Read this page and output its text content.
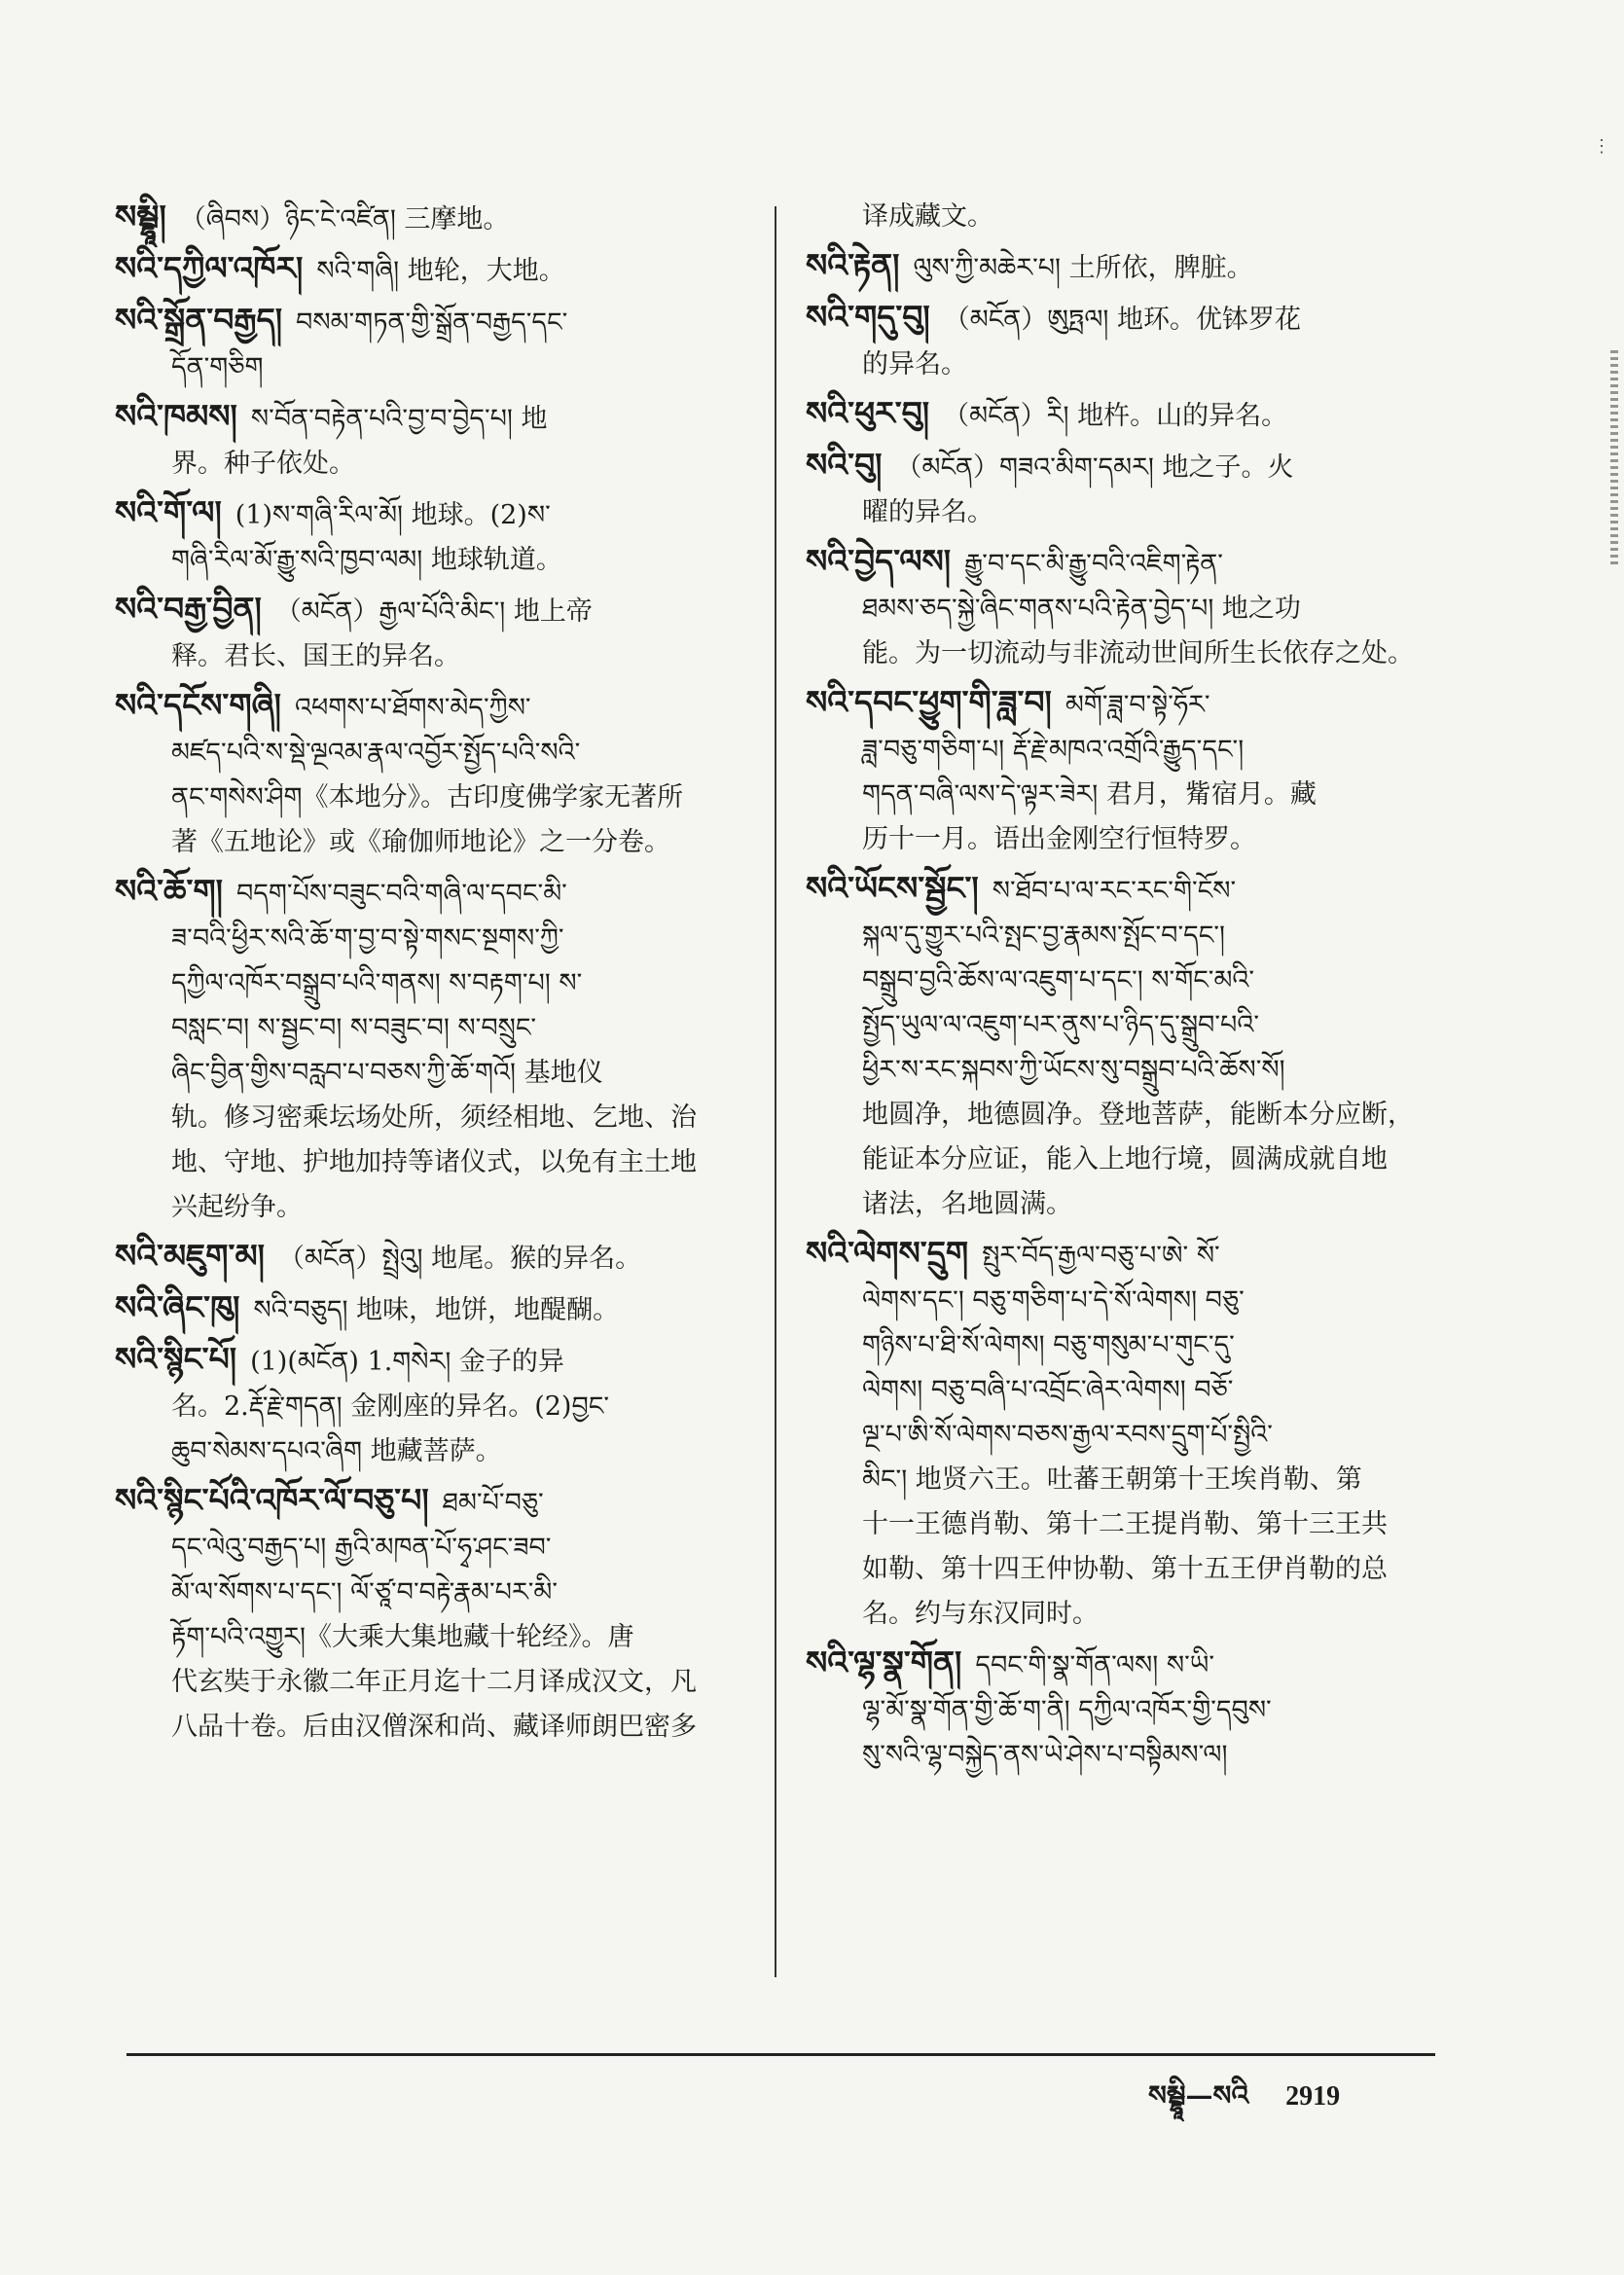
སམྦྷཱི། （ཞིབས）ཉིང་ངེ་འཛིན། 三摩地。
སའི་དཀྱིལ་འཁོར། སའི་གཞི། 地轮，大地。
སའི་སྒྲོན་བརྒྱད། བསམ་གཏན་གྱི་སྒྲོན་བརྒྱད་དང་
དོན་གཅིག
སའི་ཁམས། ས་བོན་བརྟེན་པའི་བྱ་བ་བྱེད་པ། 地
界。种子依处。
སའི་གོ་ལ། (1)ས་གཞི་རིལ་མོ། 地球。(2)ས་
གཞི་རིལ་མོ་རྒྱུ་སའི་ཁྱབ་ལམ། 地球轨道。
སའི་བརྒྱ་བྱིན། （མངོན）རྒྱལ་པོའི་མིང་། 地上帝
释。君长、国王的异名。
སའི་དངོས་གཞི། འཕགས་པ་ཐོགས་མེད་ཀྱིས་
མཛད་པའི་ས་སྡེ་ལྔའམ་རྣལ་འབྱོར་སྤྱོད་པའི་སའི་
ནང་གསེས་ཤིག《本地分》。古印度佛学家无著所
著《五地论》或《瑜伽师地论》之一分卷。
སའི་ཆོ་ག། བདག་པོས་བཟུང་བའི་གཞི་ལ་དབང་མི་
ཟ་བའི་ཕྱིར་སའི་ཆོ་ག་བྱ་བ་སྟེ་གསང་སྔགས་ཀྱི་
དཀྱིལ་འཁོར་བསྒྲུབ་པའི་གནས། ས་བརྟག་པ། ས་
བསླང་བ། ས་སྦྱང་བ། ས་བཟུང་བ། ས་བསྲུང་
ཞིང་བྱིན་གྱིས་བརླབ་པ་བཅས་ཀྱི་ཆོ་གའོ། 基地仪
轨。修习密乘坛场处所，须经相地、乞地、治
地、守地、护地加持等诸仪式，以免有主土地
兴起纷争。
སའི་མཇུག་མ། （མངོན）སྤྲེའུ། 地尾。猴的异名。
སའི་ཞིང་ཁུ། སའི་བཅུད། 地味，地饼，地醍醐。
སའི་སྙིང་པོ། (1)(མངོན) 1.གསེར། 金子的异
名。2.རྡོ་རྗེ་གདན། 金刚座的异名。(2)བྱང་
ཆུབ་སེམས་དཔའ་ཞིག 地藏菩萨。
སའི་སྙིང་པོའི་འཁོར་ལོ་བཅུ་པ། ཐམ་པོ་བཅུ་
དང་ལེའུ་བརྒྱད་པ། རྒྱའི་མཁན་པོ་ཧྭ་ཤང་ཟབ་
མོ་ལ་སོགས་པ་དང་། ལོ་ཙཱ་བ་བརྟེ་རྣམ་པར་མི་
རྟོག་པའི་འགྱུར།《大乘大集地藏十轮经》。唐
代玄奘于永徽二年正月迄十二月译成汉文，凡
八品十卷。后由汉僧深和尚、藏译师朗巴密多
译成藏文。
སའི་རྟེན། ལུས་ཀྱི་མཆེར་པ། 土所依，脾脏。
སའི་གདུ་བུ། （མངོན）ཨུཏྤལ། 地环。优钵罗花
的异名。
སའི་ཕུར་བུ། （མངོན）རི། 地杵。山的异名。
སའི་བུ། （མངོན）གཟའ་མིག་དམར། 地之子。火
曜的异名。
སའི་བྱེད་ལས། རྒྱུ་བ་དང་མི་རྒྱུ་བའི་འཇིག་རྟེན་
ཐམས་ཅད་སྐྱེ་ཞིང་གནས་པའི་རྟེན་བྱེད་པ། 地之功
能。为一切流动与非流动世间所生长依存之处。
སའི་དབང་ཕྱུག་གི་ཟླ་བ། མགོ་ཟླ་བ་སྟེ་ཧོར་
ཟླ་བཅུ་གཅིག་པ། རྡོ་རྗེ་མཁའ་འགྲོའི་རྒྱུད་དང་།
གདན་བཞི་ལས་དེ་ལྟར་ཟེར། 君月，觜宿月。藏
历十一月。语出金刚空行恒特罗。
སའི་ཡོངས་སྦྱོང་། ས་ཐོབ་པ་ལ་རང་རང་གི་ངོས་
སྐལ་དུ་གྱུར་པའི་སྤང་བྱ་རྣམས་སྤོང་བ་དང་།
བསྒྲུབ་བྱའི་ཆོས་ལ་འཇུག་པ་དང་། ས་གོང་མའི་
སྤྱོད་ཡུལ་ལ་འཇུག་པར་ནུས་པ་ཉིད་དུ་སྒྲུབ་པའི་
ཕྱིར་ས་རང་སྐབས་ཀྱི་ཡོངས་སུ་བསྒྲུབ་པའི་ཆོས་སོ།
地圆净，地德圆净。登地菩萨，能断本分应断，
能证本分应证，能入上地行境，圆满成就自地
诸法，名地圆满。
སའི་ལེགས་དྲུག སྤུར་བོད་རྒྱལ་བཅུ་པ་ཨེ་ སོ་
ལེགས་དང་། བཅུ་གཅིག་པ་དེ་སོ་ལེགས། བཅུ་
གཉིས་པ་ཐི་སོ་ལེགས། བཅུ་གསུམ་པ་གུང་དུ་
ལེགས། བཅུ་བཞི་པ་འབྲོང་ཞེར་ལེགས། བཅོ་
ལྔ་པ་ཨི་སོ་ལེགས་བཅས་རྒྱལ་རབས་དྲུག་པོ་སྤྱིའི་
མིང་། 地贤六王。吐蕃王朝第十王埃肖勒、第
十一王德肖勒、第十二王提肖勒、第十三王共
如勒、第十四王仲协勒、第十五王伊肖勒的总
名。约与东汉同时。
སའི་ལྷ་སྣ་གོན། དབང་གི་སྣ་གོན་ལས། ས་ཡི་
ལྷ་མོ་སྣ་གོན་གྱི་ཆོ་ག་ནི། དཀྱིལ་འཁོར་གྱི་དབུས་
སུ་སའི་ལྷ་བསྐྱེད་ནས་ཡེ་ཤེས་པ་བསྟིམས་ལ།
སམྦྷཱི—སའི 2919
⋮
